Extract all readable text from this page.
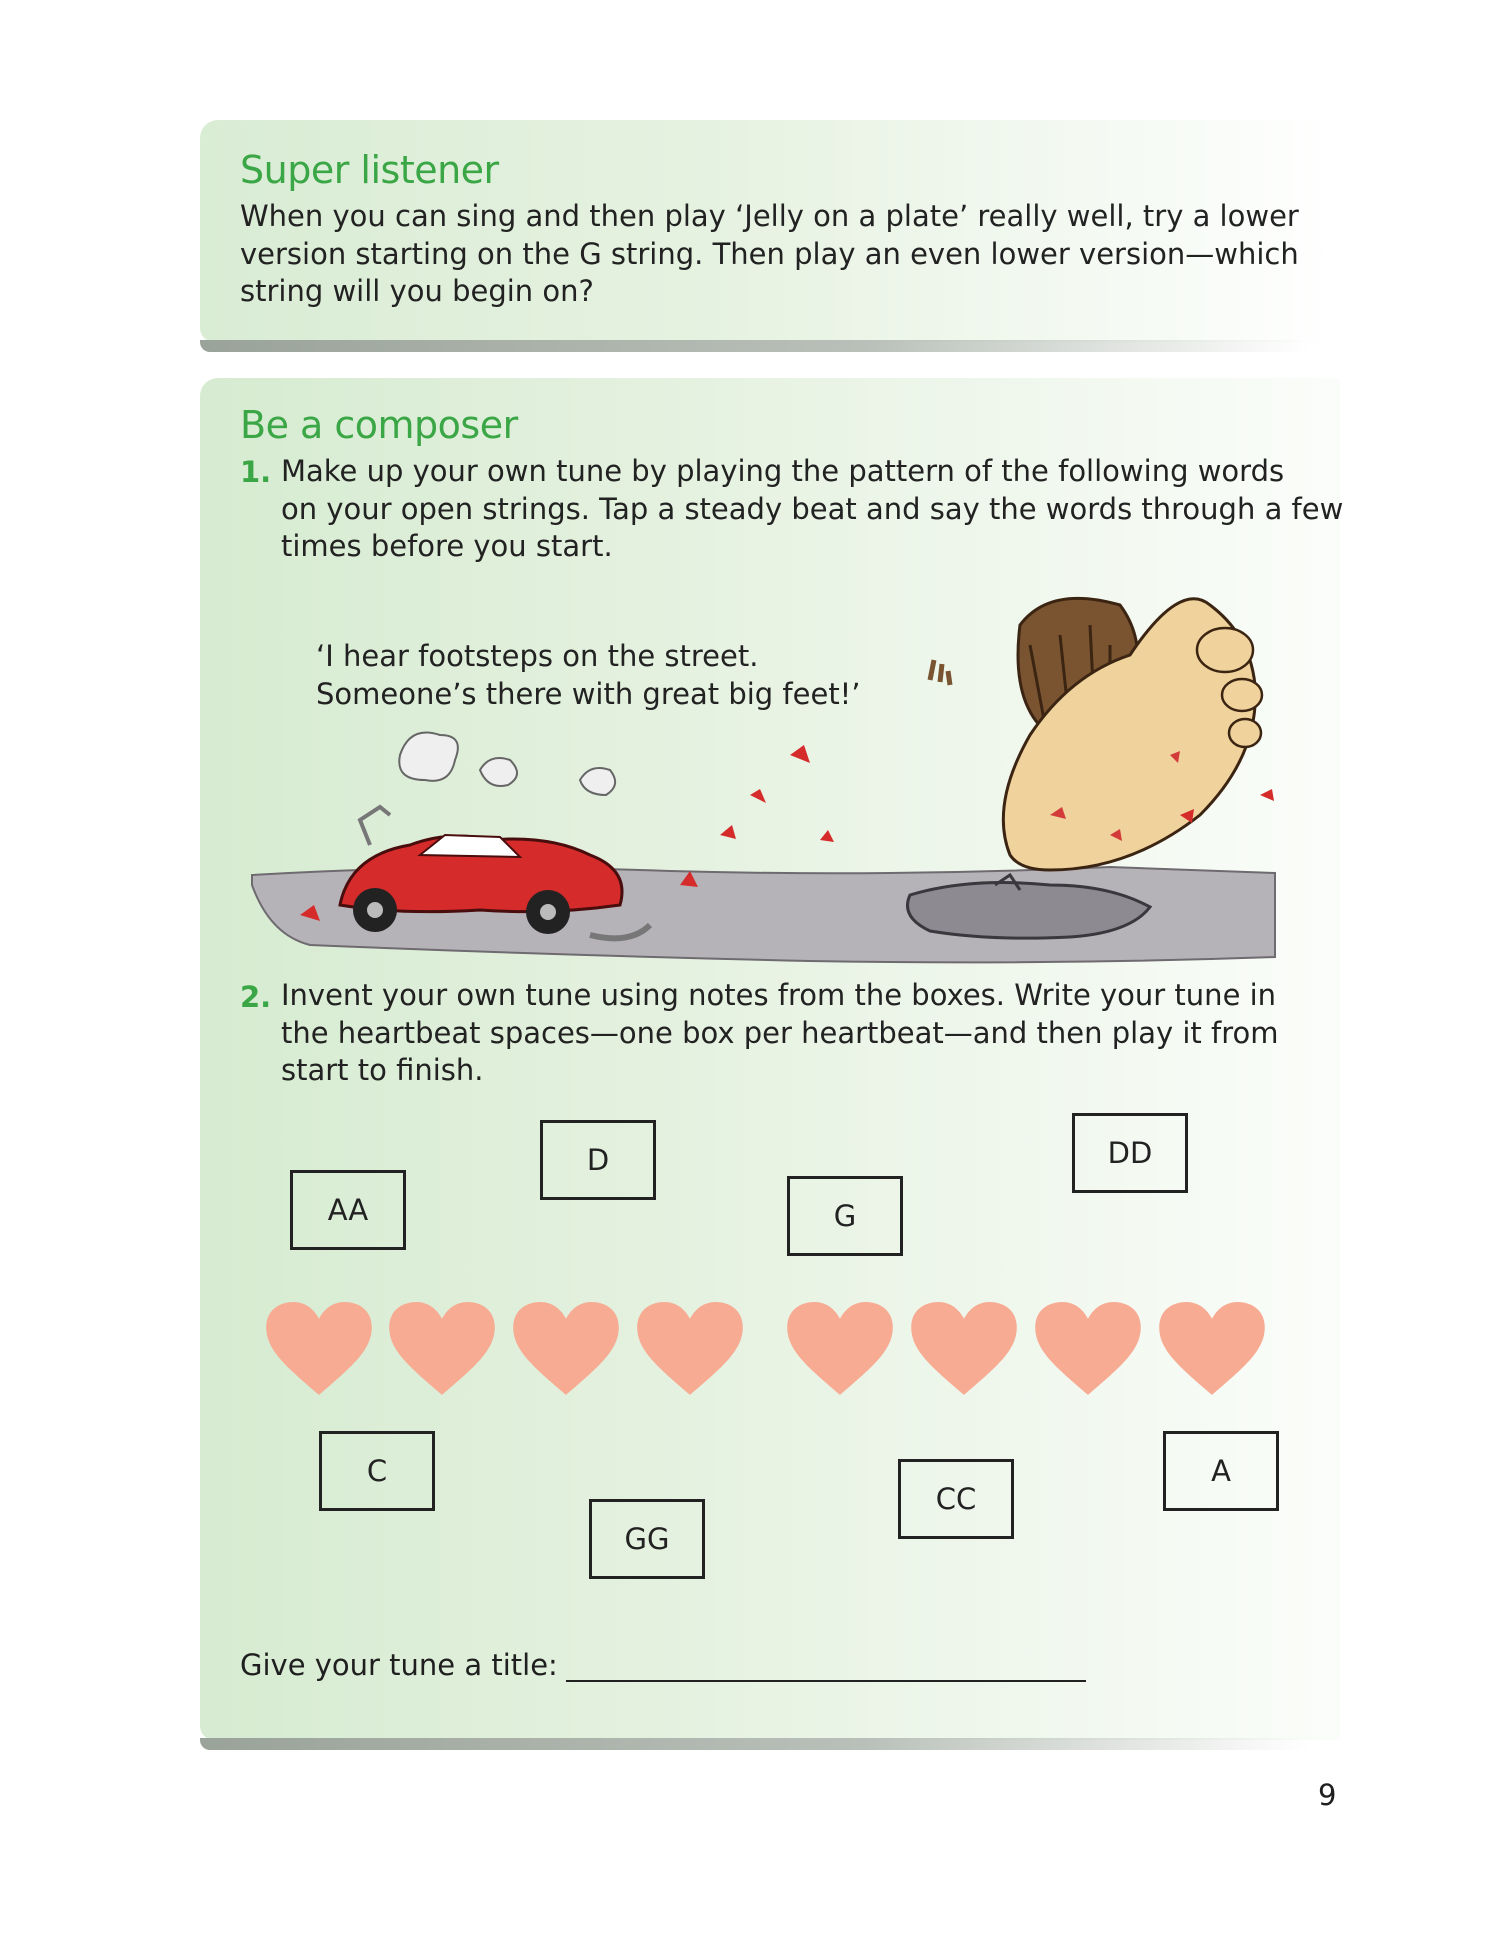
Super listener

When you can sing and then play ‘Jelly on a plate’ really well, try a lower
version starting on the G string. Then play an even lower version—which
string will you begin on?

Be a composer
1. Make up your own tune by playing the pattern of the following words
on your open strings. Tap a steady beat and say the words through a few
times before you start.

‘I hear footsteps on the street.
Someone’s there with great big feet!’

2. Invent your own tune using notes from the boxes. Write your tune in
the heartbeat spaces—one box per heartbeat—and then play it from
start to finish.

AA
D
G
DD
C
GG
CC
A
Give your tune a title:
9
